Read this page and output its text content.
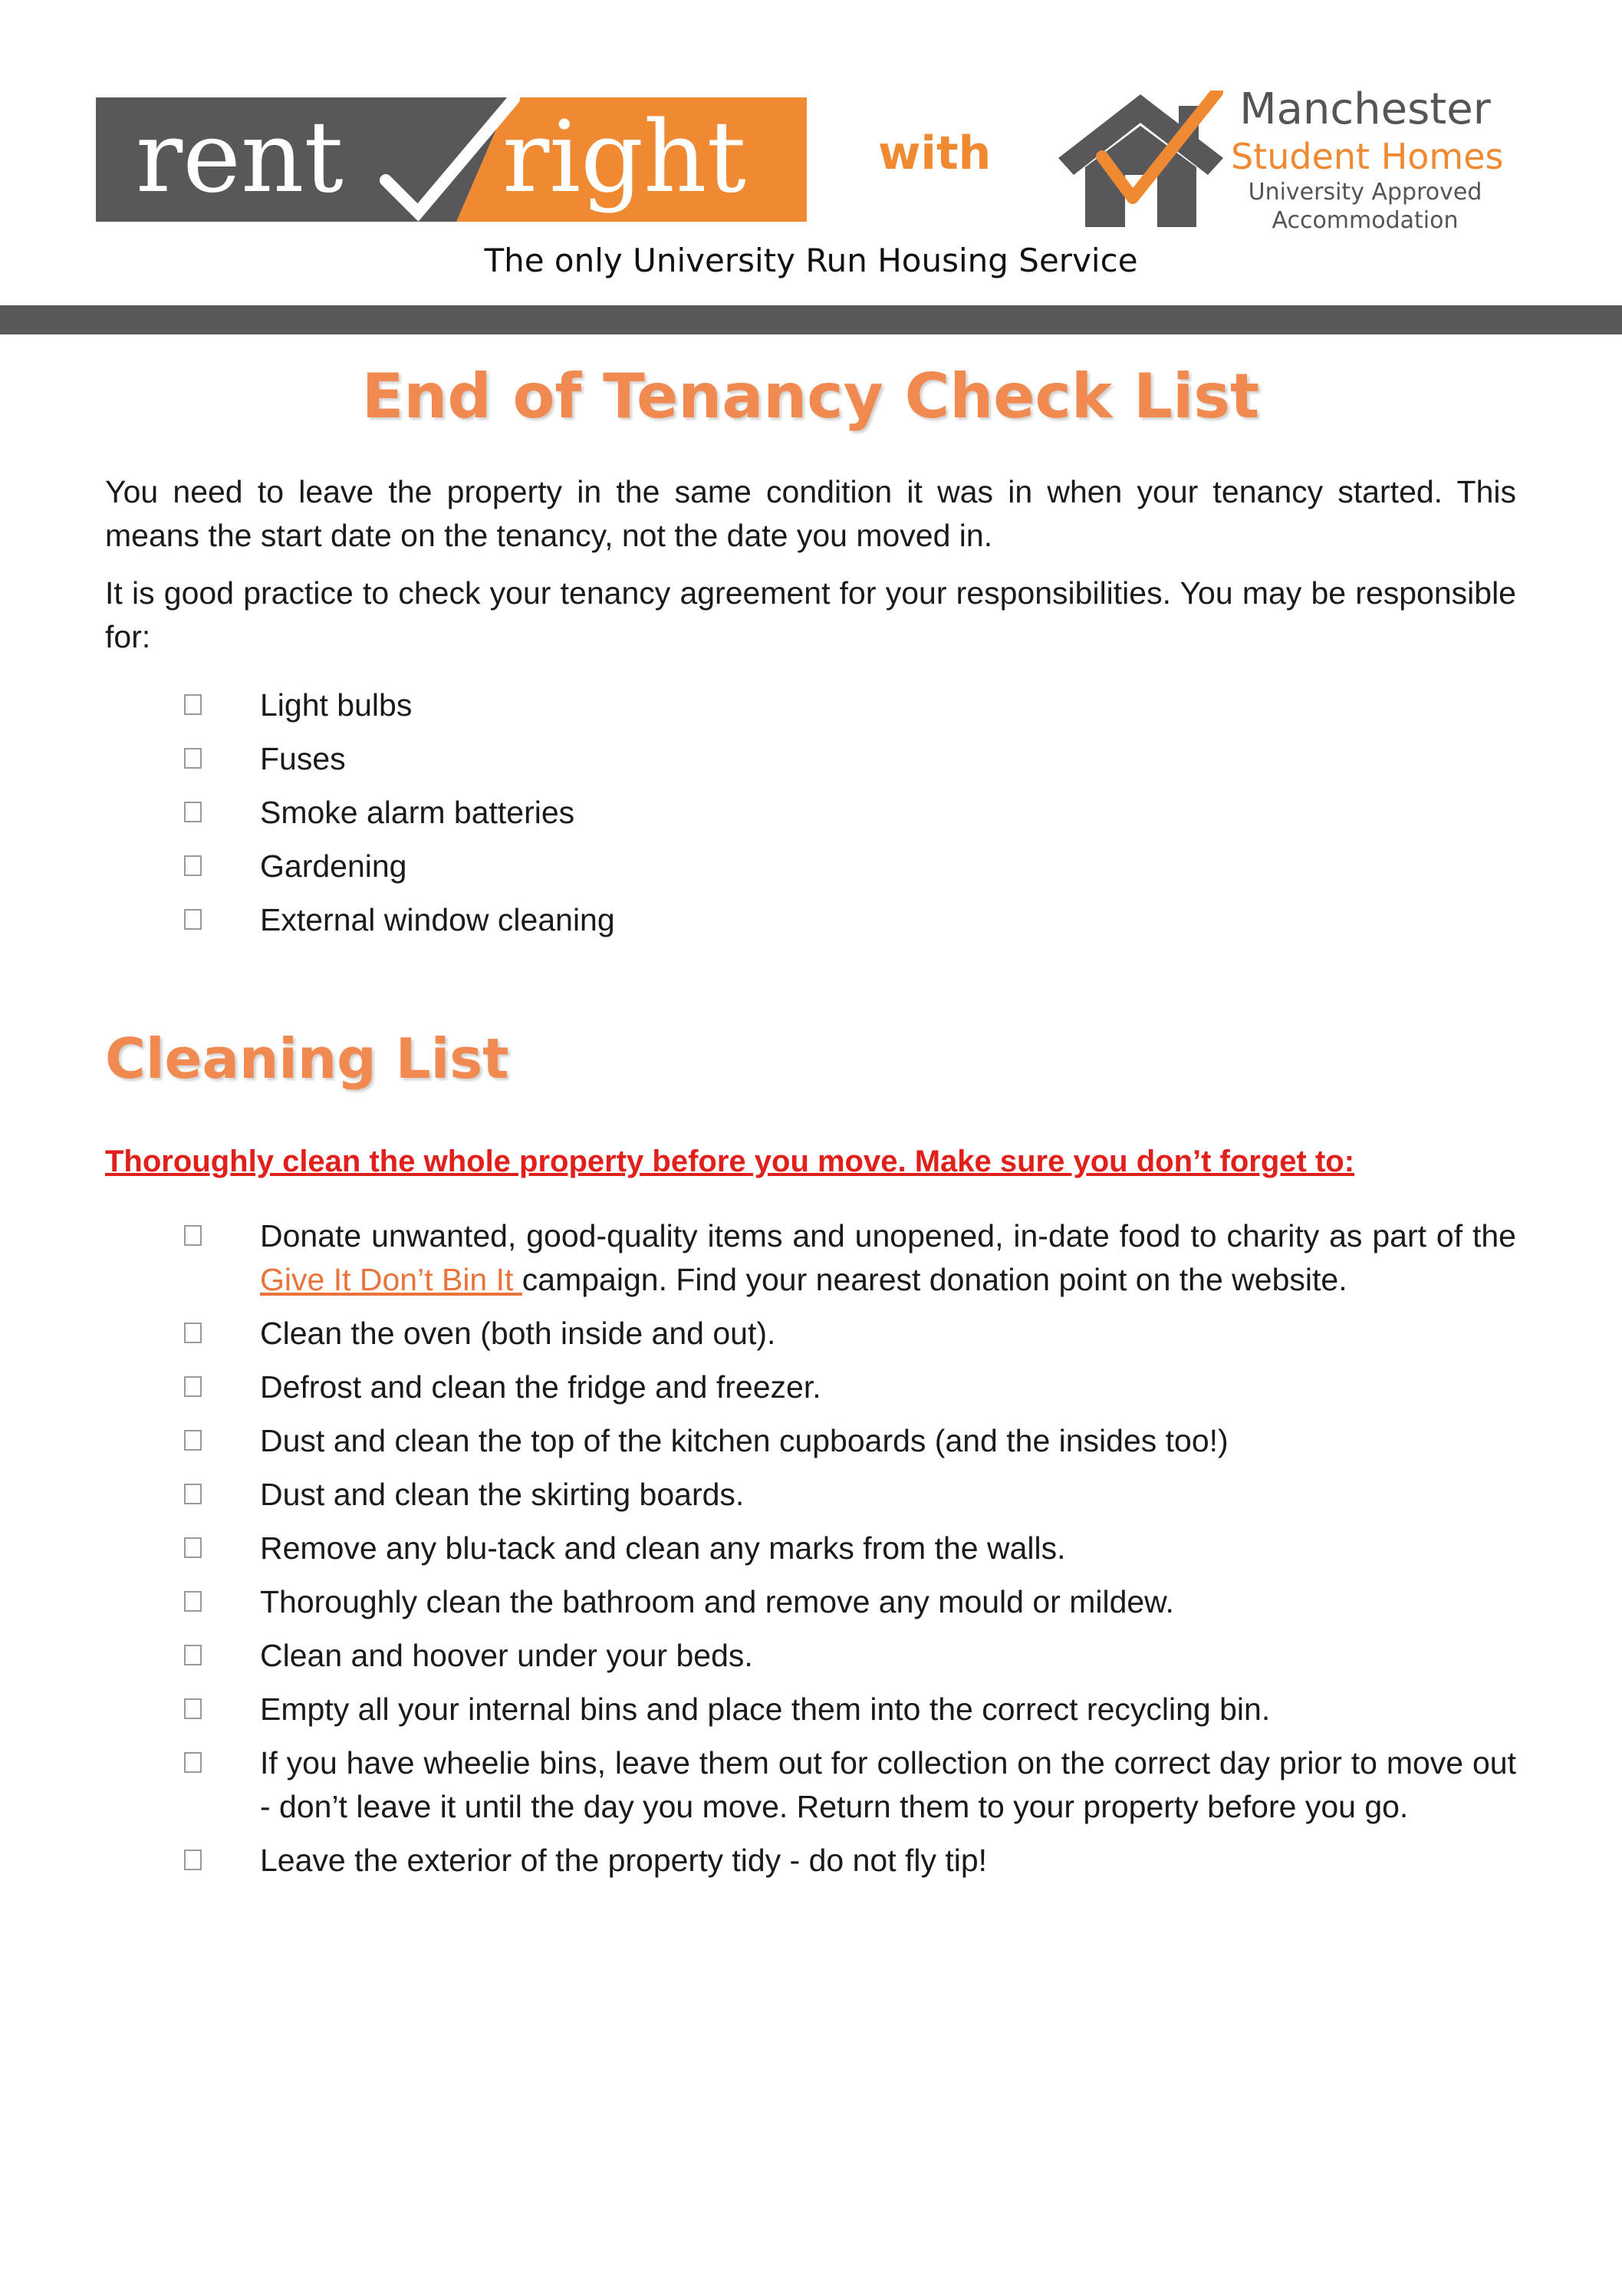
rent right	with
Manchester
Student Homes
University Approved
Accommodation
The only University Run Housing Service
End of Tenancy Check List

You need to leave the property in the same condition it was in when your tenancy started. This means the start date on the tenancy, not the date you moved in.

It is good practice to check your tenancy agreement for your responsibilities. You may be responsible for:

Light bulbs
Fuses
Smoke alarm batteries
Gardening
External window cleaning
Cleaning List
Thoroughly clean the whole property before you move. Make sure you don’t forget to:
Donate unwanted, good-quality items and unopened, in-date food to charity as part of the Give It Don’t Bin It campaign. Find your nearest donation point on the website.
Clean the oven (both inside and out).
Defrost and clean the fridge and freezer.
Dust and clean the top of the kitchen cupboards (and the insides too!)
Dust and clean the skirting boards.
Remove any blu-tack and clean any marks from the walls.
Thoroughly clean the bathroom and remove any mould or mildew.
Clean and hoover under your beds.
Empty all your internal bins and place them into the correct recycling bin.
If you have wheelie bins, leave them out for collection on the correct day prior to move out - don’t leave it until the day you move. Return them to your property before you go.
Leave the exterior of the property tidy - do not fly tip!
